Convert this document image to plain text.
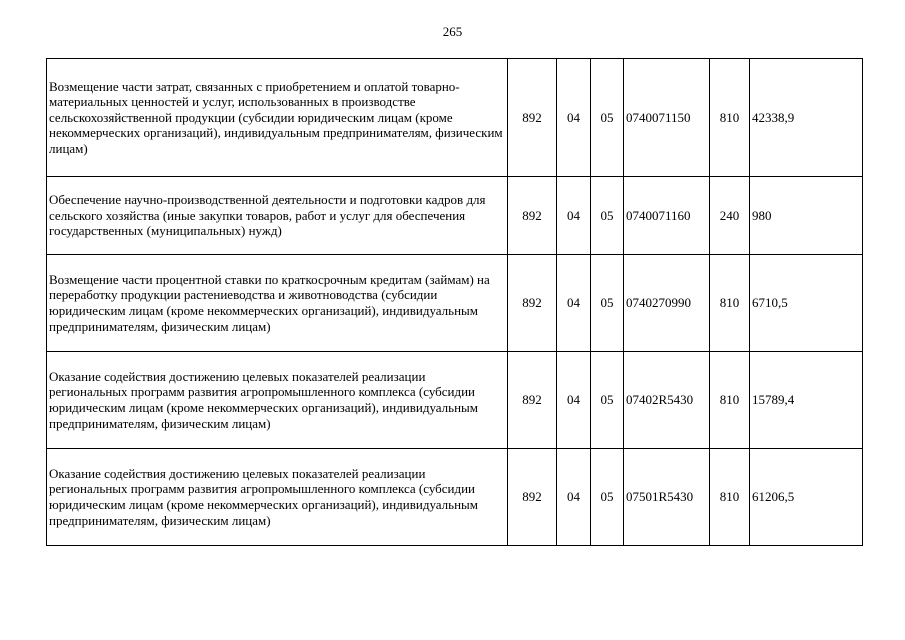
265
Возмещение части затрат, связанных с приобретением и оплатой товарно-материальных ценностей и услуг, использованных в производстве сельскохозяйственной продукции (субсидии юридическим лицам (кроме некоммерческих организаций), индивидуальным предпринимателям, физическим лицам)	892	04	05	0740071150	810	42338,9
Обеспечение научно-производственной деятельности и подготовки кадров для сельского хозяйства (иные закупки товаров, работ и услуг для обеспечения государственных (муниципальных) нужд)	892	04	05	0740071160	240	980
Возмещение части процентной ставки по краткосрочным кредитам (займам) на переработку продукции растениеводства и животноводства (субсидии юридическим лицам (кроме некоммерческих организаций), индивидуальным предпринимателям, физическим лицам)	892	04	05	0740270990	810	6710,5
Оказание содействия достижению целевых показателей реализации региональных программ развития агропромышленного комплекса (субсидии юридическим лицам (кроме некоммерческих организаций), индивидуальным предпринимателям, физическим лицам)	892	04	05	07402R5430	810	15789,4
Оказание содействия достижению целевых показателей реализации региональных программ развития агропромышленного комплекса (субсидии юридическим лицам (кроме некоммерческих организаций), индивидуальным предпринимателям, физическим лицам)	892	04	05	07501R5430	810	61206,5
